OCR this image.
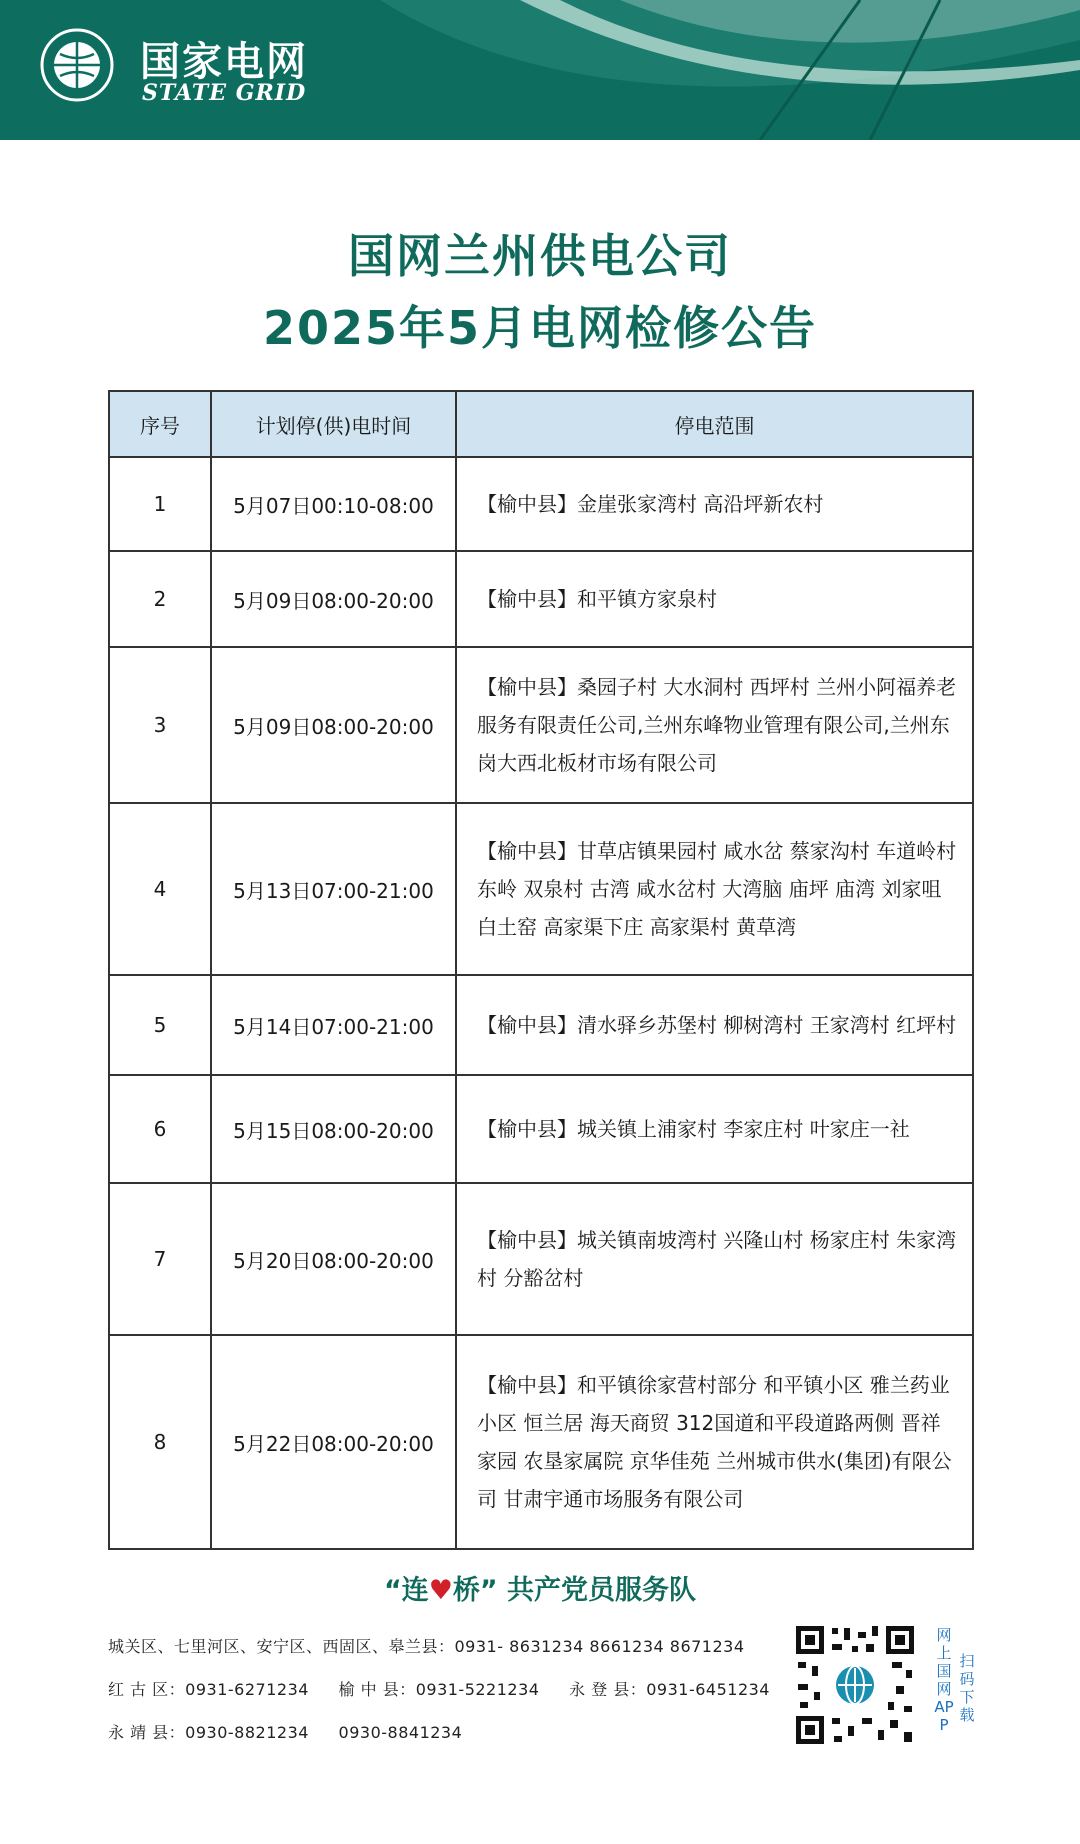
国家电网
STATE GRID
国网兰州供电公司
2025年5月电网检修公告
序号	计划停(供)电时间	停电范围
1	5月07日00:10-08:00	【榆中县】金崖张家湾村 高沿坪新农村
2	5月09日08:00-20:00	【榆中县】和平镇方家泉村
3	5月09日08:00-20:00	【榆中县】桑园子村 大水洞村 西坪村 兰州小阿福养老服务有限责任公司,兰州东峰物业管理有限公司,兰州东岗大西北板材市场有限公司
4	5月13日07:00-21:00	【榆中县】甘草店镇果园村 咸水岔 蔡家沟村 车道岭村 东岭 双泉村 古湾 咸水岔村 大湾脑 庙坪 庙湾 刘家咀 白土窑 高家渠下庄 高家渠村 黄草湾
5	5月14日07:00-21:00	【榆中县】清水驿乡苏堡村 柳树湾村 王家湾村 红坪村
6	5月15日08:00-20:00	【榆中县】城关镇上浦家村 李家庄村 叶家庄一社
7	5月20日08:00-20:00	【榆中县】城关镇南坡湾村 兴隆山村 杨家庄村 朱家湾村 分豁岔村
8	5月22日08:00-20:00	【榆中县】和平镇徐家营村部分 和平镇小区 雅兰药业小区 恒兰居 海天商贸 312国道和平段道路两侧 晋祥家园 农垦家属院 京华佳苑 兰州城市供水(集团)有限公司 甘肃宇通市场服务有限公司
“连♥桥” 共产党员服务队
城关区、七里河区、安宁区、西固区、皋兰县：0931- 8631234 8661234 8671234
红 古 区：0931-6271234 榆 中 县：0931-5221234 永 登 县：0931-6451234
永 靖 县：0930-8821234 0930-8841234
网上国网APP
扫码下载
